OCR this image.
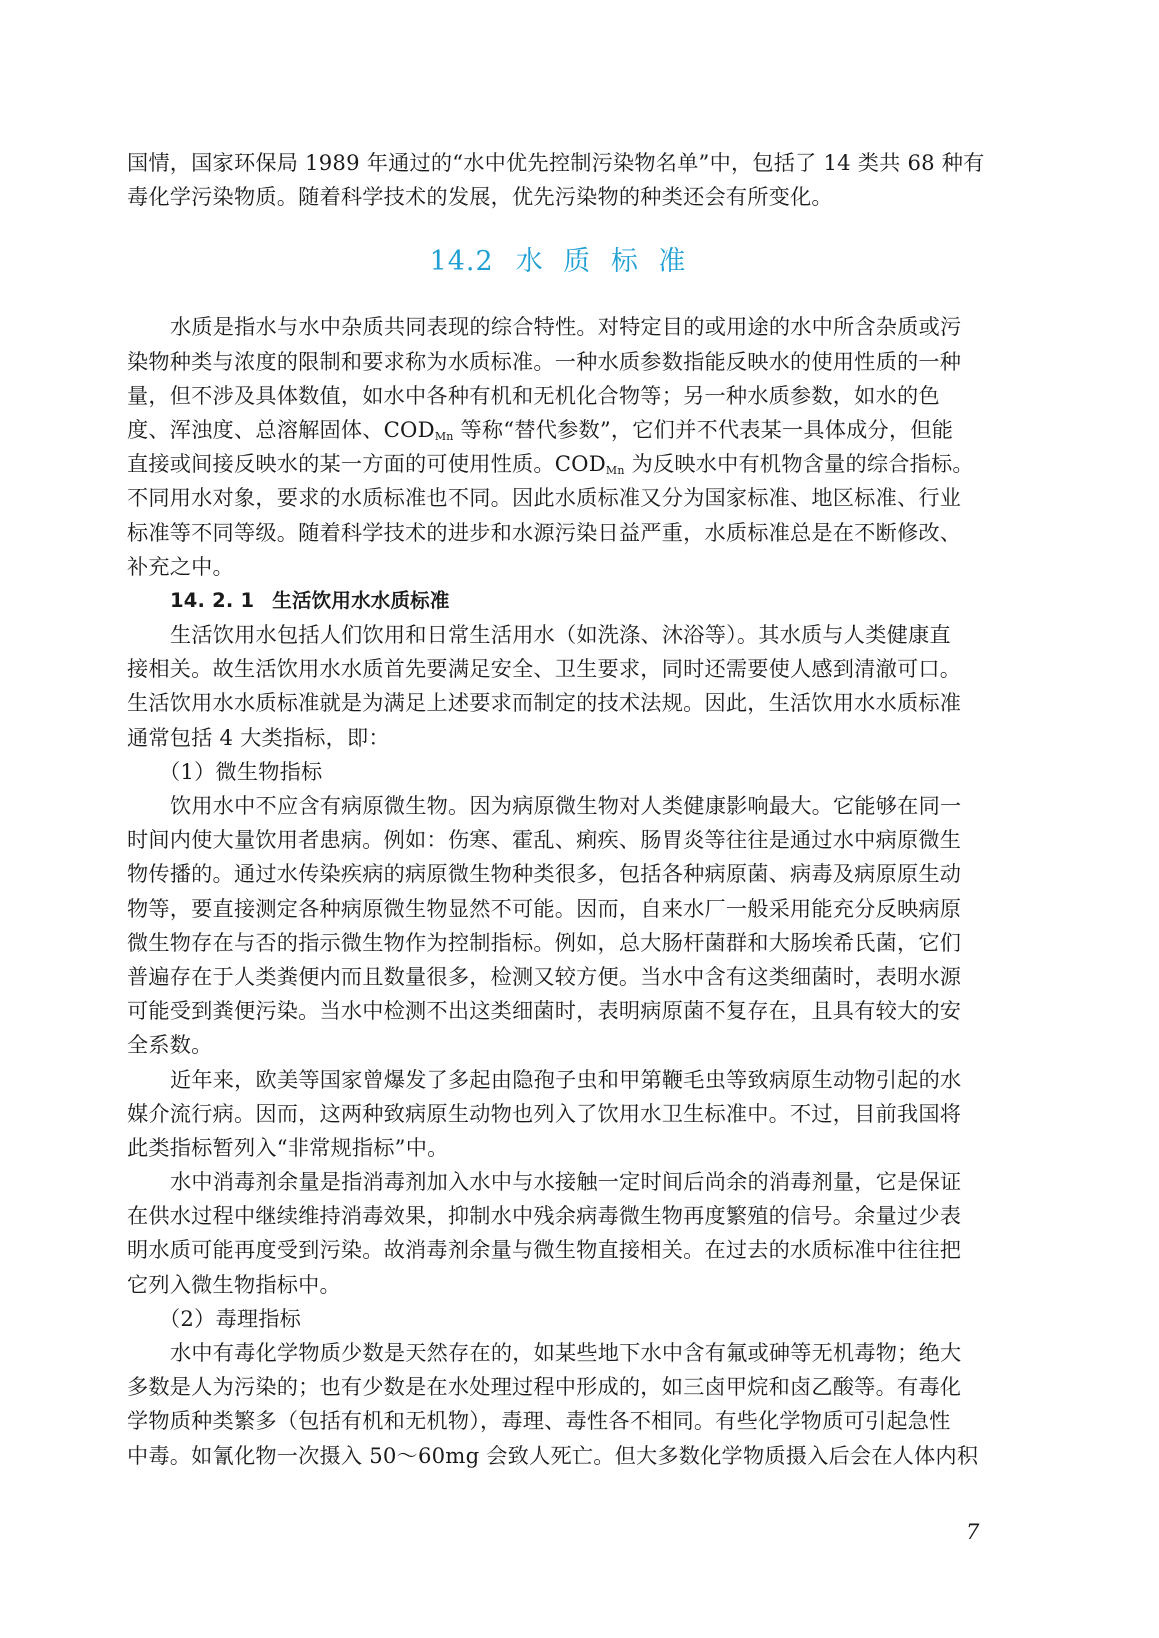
国情，国家环保局 1989 年通过的“水中优先控制污染物名单”中，包括了 14 类共 68 种有
毒化学污染物质。随着科学技术的发展，优先污染物的种类还会有所变化。
14.2 水 质 标 准
水质是指水与水中杂质共同表现的综合特性。对特定目的或用途的水中所含杂质或污
染物种类与浓度的限制和要求称为水质标准。一种水质参数指能反映水的使用性质的一种
量，但不涉及具体数值，如水中各种有机和无机化合物等；另一种水质参数，如水的色
度、浑浊度、总溶解固体、$COD_{Mn}$ 等称“替代参数”，它们并不代表某一具体成分，但能
直接或间接反映水的某一方面的可使用性质。$COD_{Mn}$ 为反映水中有机物含量的综合指标。
不同用水对象，要求的水质标准也不同。因此水质标准又分为国家标准、地区标准、行业
标准等不同等级。随着科学技术的进步和水源污染日益严重，水质标准总是在不断修改、
补充之中。
14. 2. 1 生活饮用水水质标准
生活饮用水包括人们饮用和日常生活用水（如洗涤、沐浴等）。其水质与人类健康直
接相关。故生活饮用水水质首先要满足安全、卫生要求，同时还需要使人感到清澈可口。
生活饮用水水质标准就是为满足上述要求而制定的技术法规。因此，生活饮用水水质标准
通常包括 4 大类指标，即：
（1）微生物指标
饮用水中不应含有病原微生物。因为病原微生物对人类健康影响最大。它能够在同一
时间内使大量饮用者患病。例如：伤寒、霍乱、痢疾、肠胃炎等往往是通过水中病原微生
物传播的。通过水传染疾病的病原微生物种类很多，包括各种病原菌、病毒及病原原生动
物等，要直接测定各种病原微生物显然不可能。因而，自来水厂一般采用能充分反映病原
微生物存在与否的指示微生物作为控制指标。例如，总大肠杆菌群和大肠埃希氏菌，它们
普遍存在于人类粪便内而且数量很多，检测又较方便。当水中含有这类细菌时，表明水源
可能受到粪便污染。当水中检测不出这类细菌时，表明病原菌不复存在，且具有较大的安
全系数。
近年来，欧美等国家曾爆发了多起由隐孢子虫和甲第鞭毛虫等致病原生动物引起的水
媒介流行病。因而，这两种致病原生动物也列入了饮用水卫生标准中。不过，目前我国将
此类指标暂列入“非常规指标”中。
水中消毒剂余量是指消毒剂加入水中与水接触一定时间后尚余的消毒剂量，它是保证
在供水过程中继续维持消毒效果，抑制水中残余病毒微生物再度繁殖的信号。余量过少表
明水质可能再度受到污染。故消毒剂余量与微生物直接相关。在过去的水质标准中往往把
它列入微生物指标中。
（2）毒理指标
水中有毒化学物质少数是天然存在的，如某些地下水中含有氟或砷等无机毒物；绝大
多数是人为污染的；也有少数是在水处理过程中形成的，如三卤甲烷和卤乙酸等。有毒化
学物质种类繁多（包括有机和无机物），毒理、毒性各不相同。有些化学物质可引起急性
中毒。如氰化物一次摄入 50～60mg 会致人死亡。但大多数化学物质摄入后会在人体内积
7
